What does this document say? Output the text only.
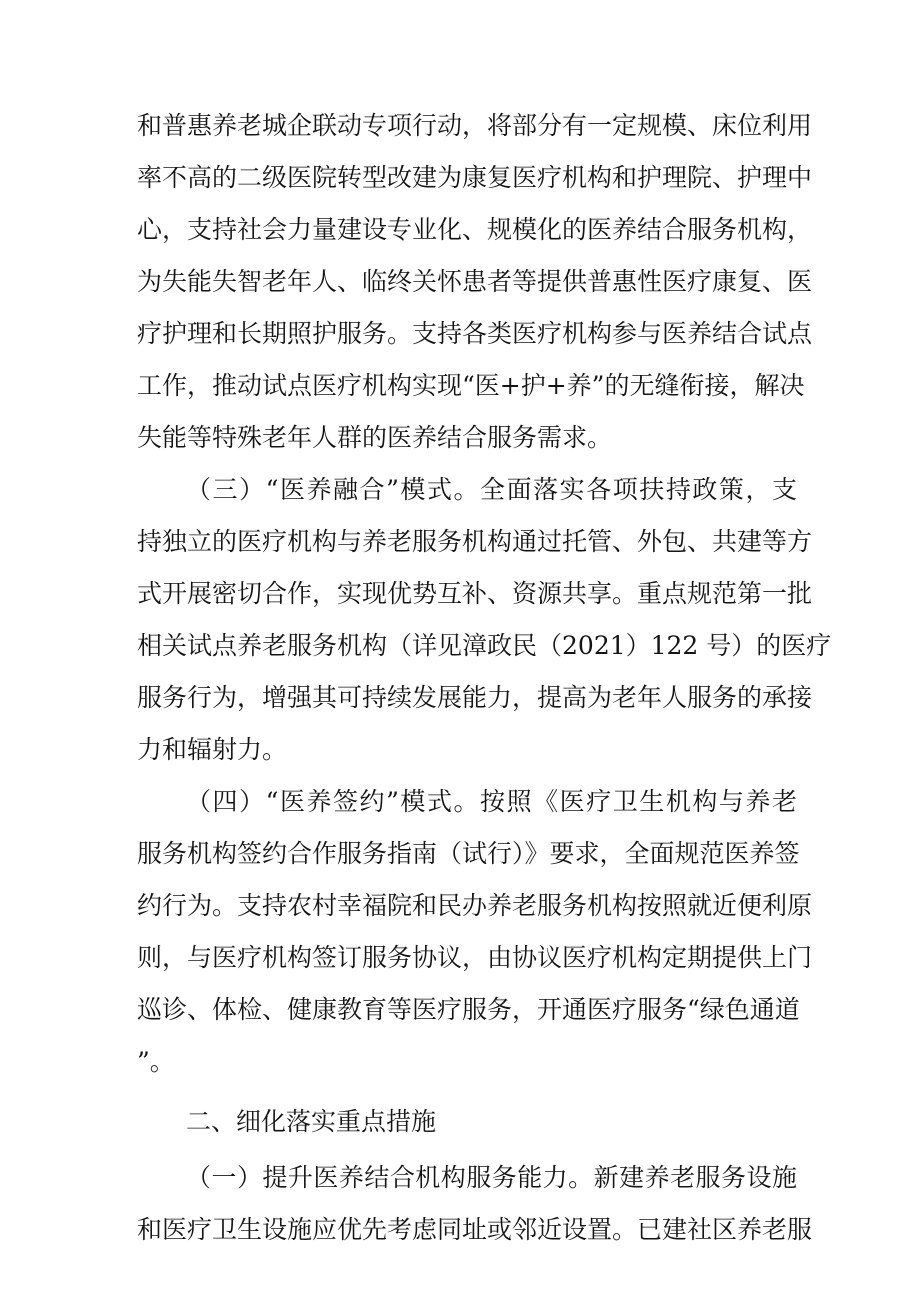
和普惠养老城企联动专项行动，将部分有一定规模、床位利用
率不高的二级医院转型改建为康复医疗机构和护理院、护理中
心，支持社会力量建设专业化、规模化的医养结合服务机构，
为失能失智老年人、临终关怀患者等提供普惠性医疗康复、医
疗护理和长期照护服务。支持各类医疗机构参与医养结合试点
工作，推动试点医疗机构实现“医+护+养”的无缝衔接，解决
失能等特殊老年人群的医养结合服务需求。
（三）“医养融合”模式。全面落实各项扶持政策，支
持独立的医疗机构与养老服务机构通过托管、外包、共建等方
式开展密切合作，实现优势互补、资源共享。重点规范第一批
相关试点养老服务机构（详见漳政民（2021）122 号）的医疗
服务行为，增强其可持续发展能力，提高为老年人服务的承接
力和辐射力。
（四）“医养签约”模式。按照《医疗卫生机构与养老
服务机构签约合作服务指南（试行）》要求，全面规范医养签
约行为。支持农村幸福院和民办养老服务机构按照就近便利原
则，与医疗机构签订服务协议，由协议医疗机构定期提供上门
巡诊、体检、健康教育等医疗服务，开通医疗服务“绿色通道
”。
二、细化落实重点措施
（一）提升医养结合机构服务能力。新建养老服务设施
和医疗卫生设施应优先考虑同址或邻近设置。已建社区养老服
